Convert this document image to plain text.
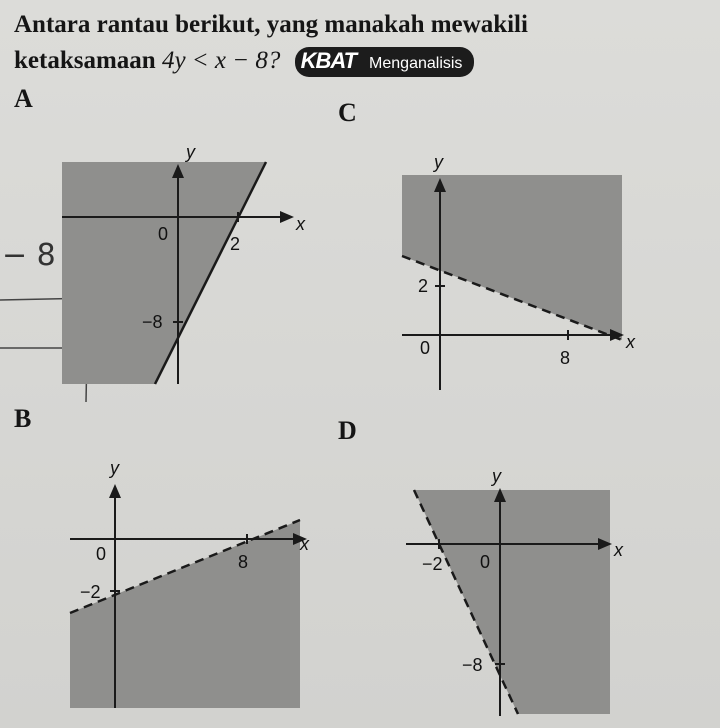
Antara rantau berikut, yang manakah mewakili
ketaksamaan 4y < x − 8? KBAT Menganalisis
− 8
A
y
x
0	2
−8
C
y
x
0	8
2
B
y
x
0	8
−2
D
y
x
0
−2
−8
